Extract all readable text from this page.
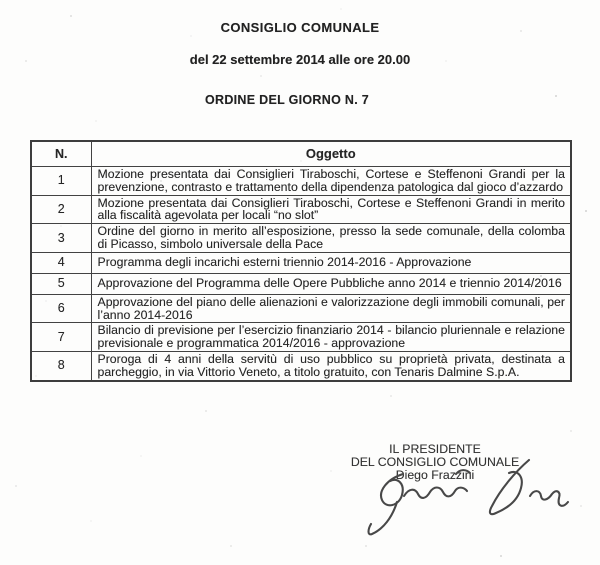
CONSIGLIO COMUNALE
del 22 settembre 2014 alle ore 20.00
ORDINE DEL GIORNO N. 7
N.	Oggetto
1	Mozione presentata dai Consiglieri Tiraboschi, Cortese e Steffenoni Grandi per la prevenzione, contrasto e trattamento della dipendenza patologica dal gioco d’azzardo
2	Mozione presentata dai Consiglieri Tiraboschi, Cortese e Steffenoni Grandi in merito alla fiscalità agevolata per locali “no slot”
3	Ordine del giorno in merito all’esposizione, presso la sede comunale, della colomba di Picasso, simbolo universale della Pace
4	Programma degli incarichi esterni triennio 2014-2016 - Approvazione
5	Approvazione del Programma delle Opere Pubbliche anno 2014 e triennio 2014/2016
6	Approvazione del piano delle alienazioni e valorizzazione degli immobili comunali, per l’anno 2014-2016
7	Bilancio di previsione per l’esercizio finanziario 2014 - bilancio pluriennale e relazione previsionale e programmatica 2014/2016 - approvazione
8	Proroga di 4 anni della servitù di uso pubblico su proprietà privata, destinata a parcheggio, in via Vittorio Veneto, a titolo gratuito, con Tenaris Dalmine S.p.A.
IL PRESIDENTE
DEL CONSIGLIO COMUNALE
Diego Frazzini
